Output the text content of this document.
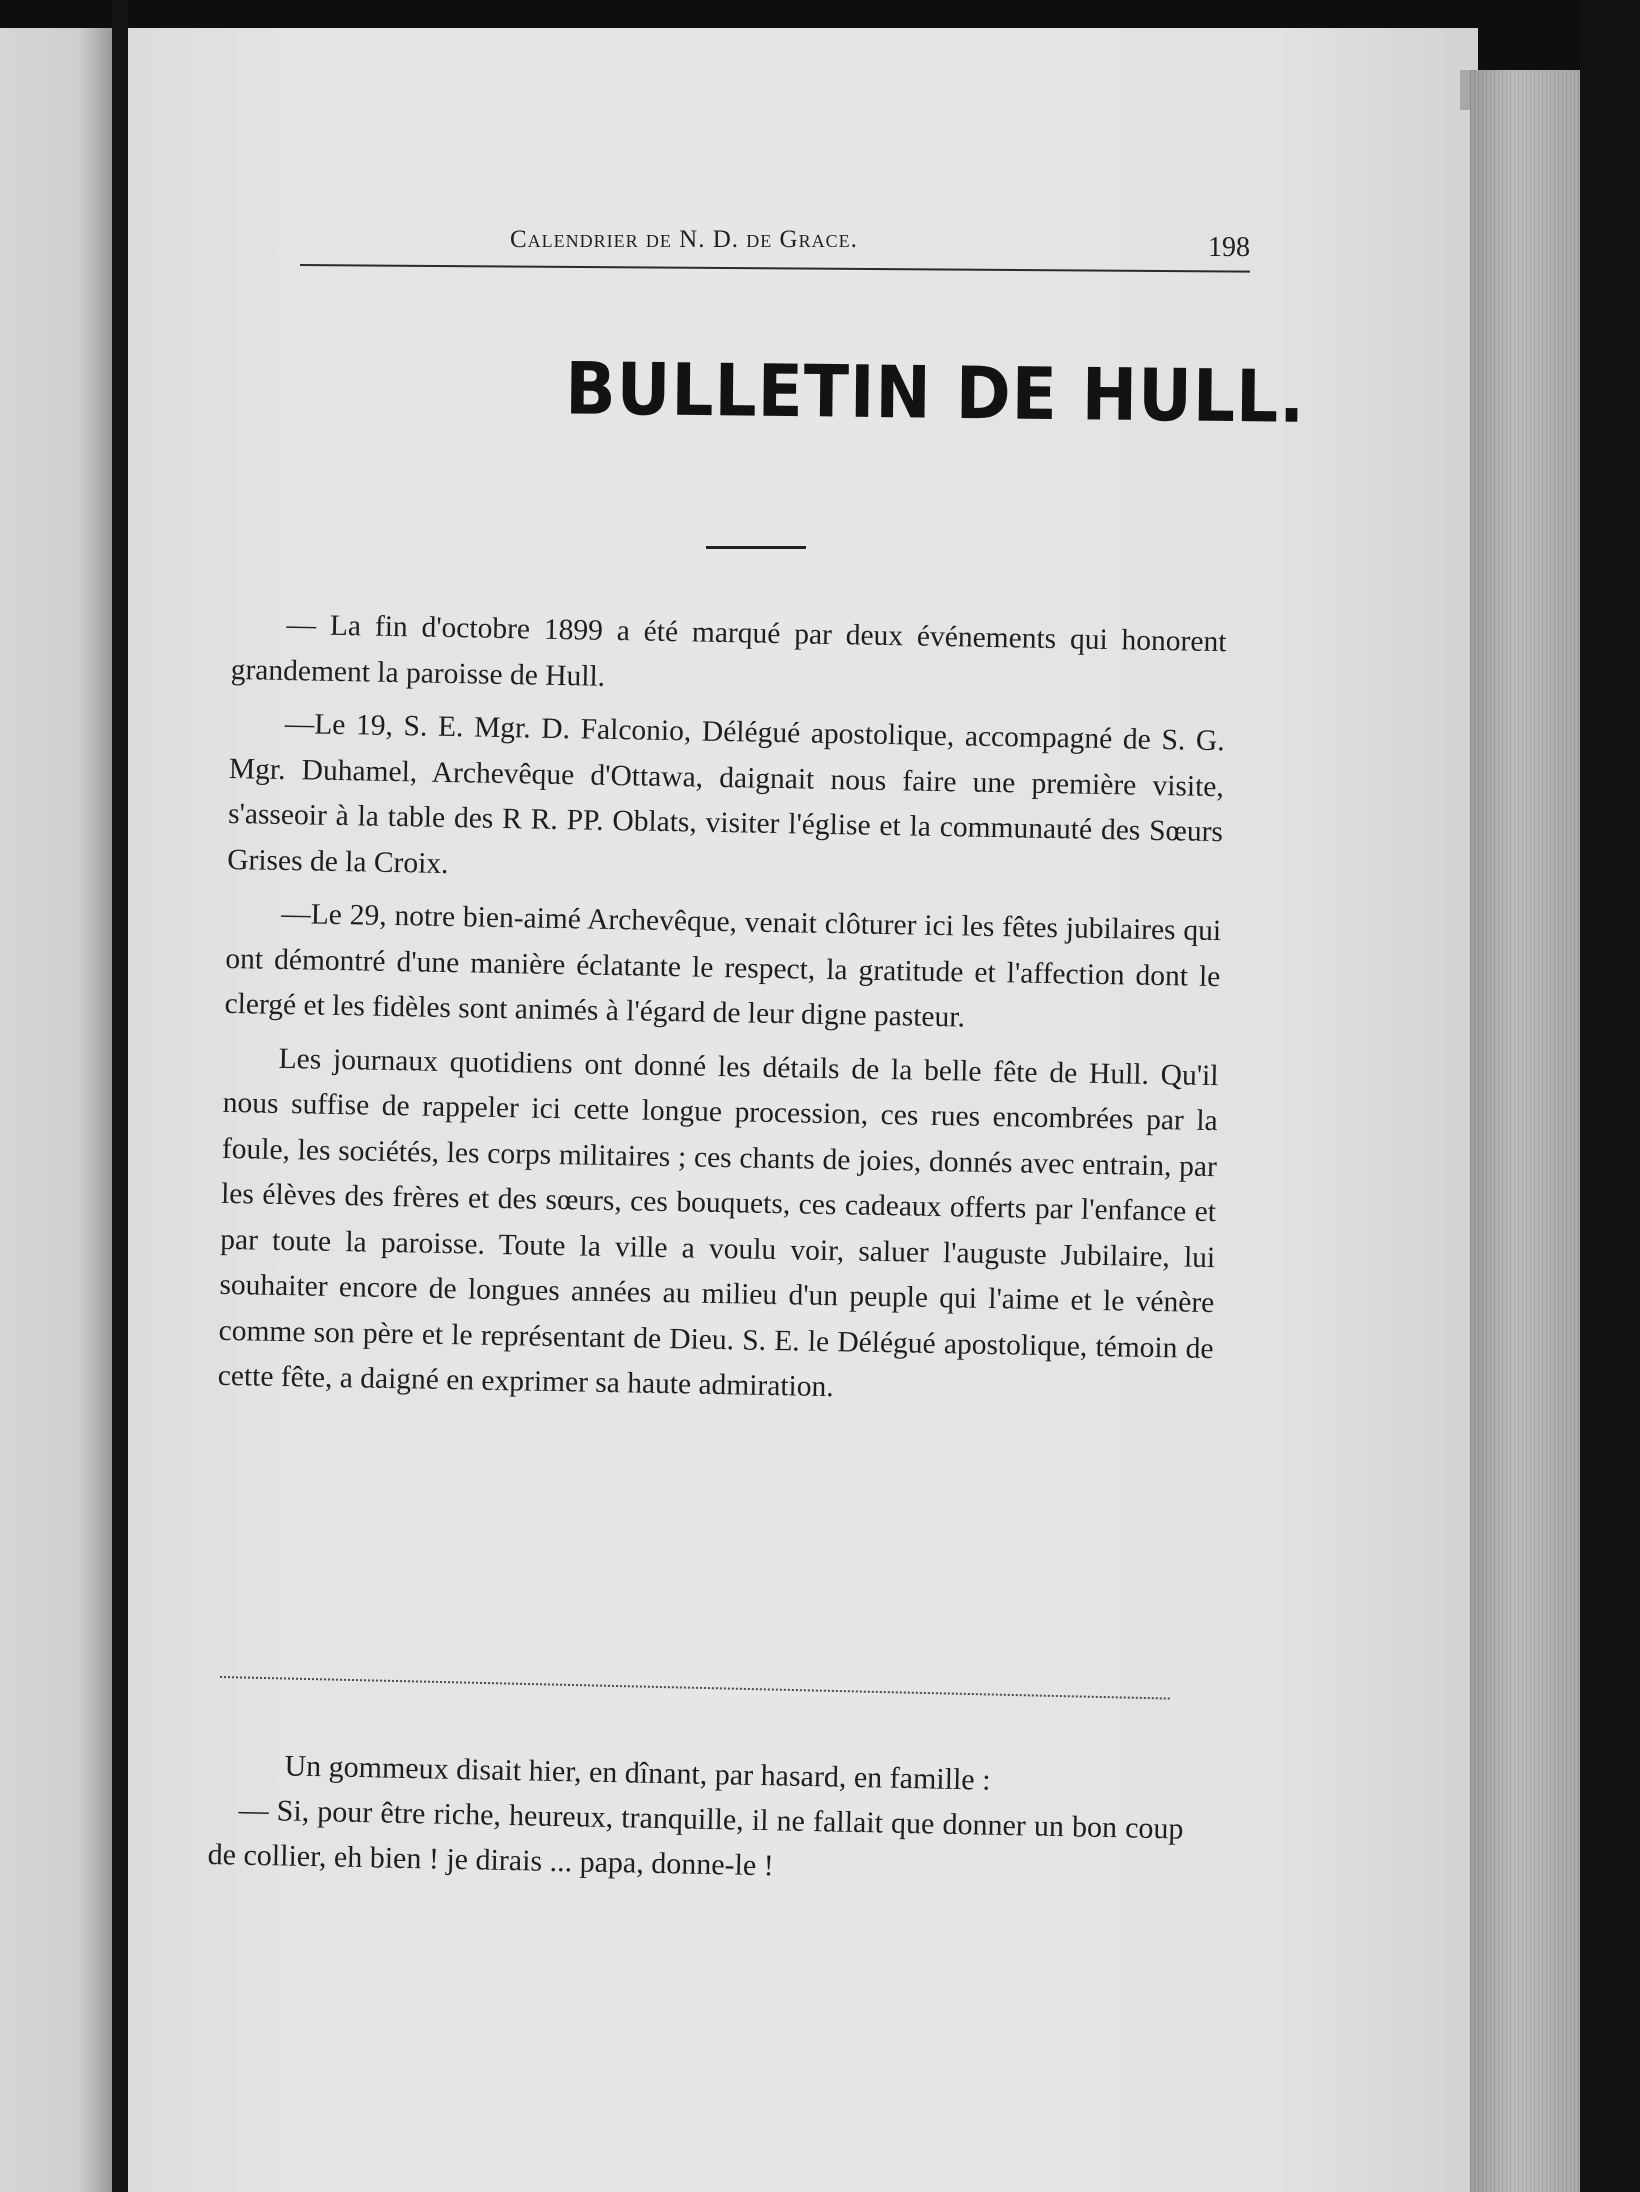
Calendrier de N. D. de Grace.	198
BULLETIN DE HULL.

— La fin d'octobre 1899 a été marqué par deux événements qui honorent grandement la paroisse de Hull.

—Le 19, S. E. Mgr. D. Falconio, Délégué apostolique, accompagné de S. G. Mgr. Duhamel, Archevêque d'Ottawa, daignait nous faire une première visite, s'asseoir à la table des R R. PP. Oblats, visiter l'église et la communauté des Sœurs Grises de la Croix.

—Le 29, notre bien-aimé Archevêque, venait clôturer ici les fêtes jubilaires qui ont démontré d'une manière éclatante le respect, la gratitude et l'affection dont le clergé et les fidèles sont animés à l'égard de leur digne pasteur.

Les journaux quotidiens ont donné les détails de la belle fête de Hull. Qu'il nous suffise de rappeler ici cette longue procession, ces rues encombrées par la foule, les sociétés, les corps militaires ; ces chants de joies, donnés avec entrain, par les élèves des frères et des sœurs, ces bouquets, ces cadeaux offerts par l'enfance et par toute la paroisse. Toute la ville a voulu voir, saluer l'auguste Jubilaire, lui souhaiter encore de longues années au milieu d'un peuple qui l'aime et le vénère comme son père et le représentant de Dieu. S. E. le Délégué apostolique, témoin de cette fête, a daigné en exprimer sa haute admiration.

Un gommeux disait hier, en dînant, par hasard, en famille :

— Si, pour être riche, heureux, tranquille, il ne fallait que donner un bon coup de collier, eh bien ! je dirais ... papa, donne-le !
